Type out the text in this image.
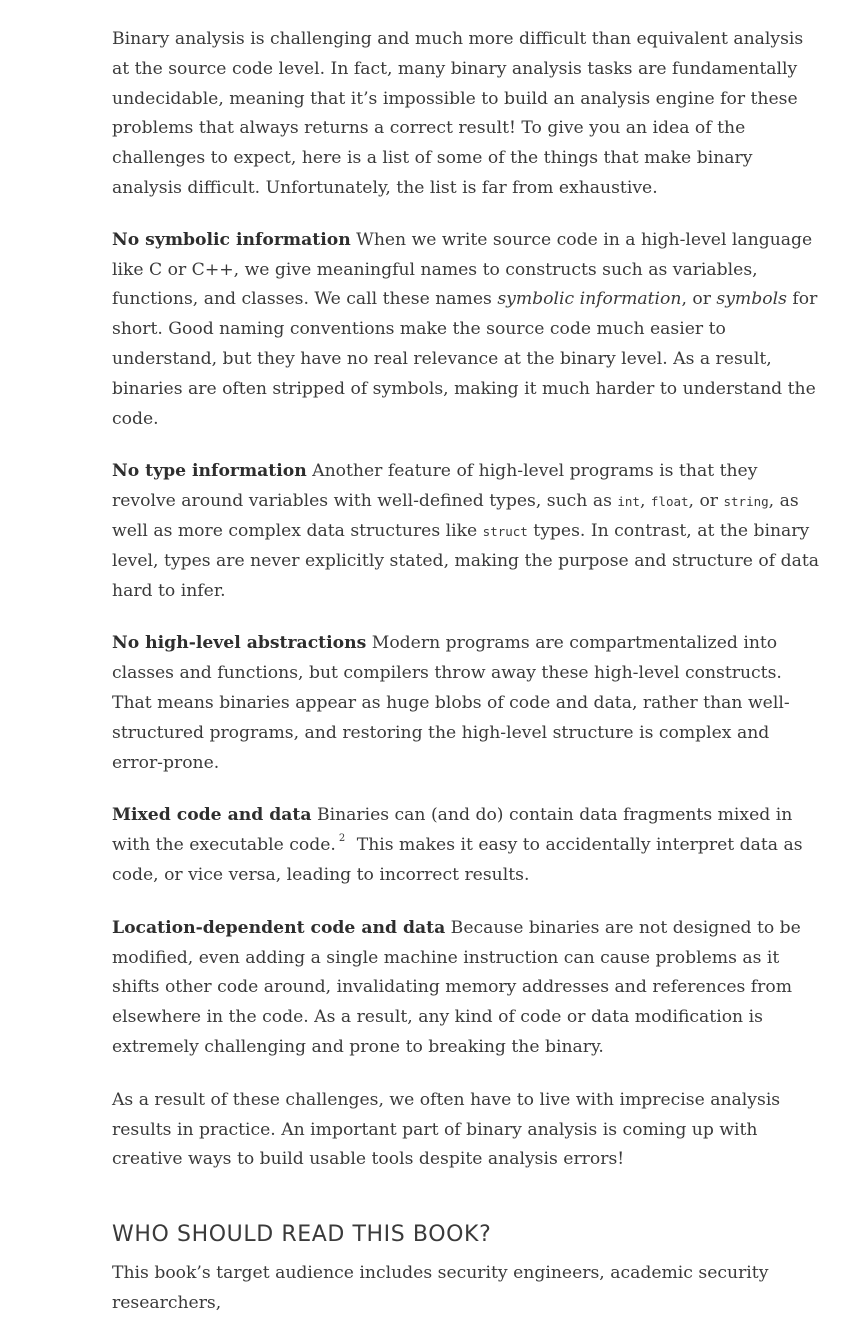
Binary analysis is challenging and much more difficult than equivalent analysis at the source code level. In fact, many binary analysis tasks are fundamentally undecidable, meaning that it’s impossible to build an analysis engine for these problems that always returns a correct result! To give you an idea of the challenges to expect, here is a list of some of the things that make binary analysis difficult. Unfortunately, the list is far from exhaustive.

No symbolic information When we write source code in a high-level language like C or C++, we give meaningful names to constructs such as variables, functions, and classes. We call these names symbolic information, or symbols for short. Good naming conventions make the source code much easier to understand, but they have no real relevance at the binary level. As a result, binaries are often stripped of symbols, making it much harder to understand the code.

No type information Another feature of high-level programs is that they revolve around variables with well-defined types, such as int, float, or string, as well as more complex data structures like struct types. In contrast, at the binary level, types are never explicitly stated, making the purpose and structure of data hard to infer.

No high-level abstractions Modern programs are compartmentalized into classes and functions, but compilers throw away these high-level constructs. That means binaries appear as huge blobs of code and data, rather than well-structured programs, and restoring the high-level structure is complex and error-prone.

Mixed code and data Binaries can (and do) contain data fragments mixed in with the executable code. $^2$ This makes it easy to accidentally interpret data as code, or vice versa, leading to incorrect results.

Location-dependent code and data Because binaries are not designed to be modified, even adding a single machine instruction can cause problems as it shifts other code around, invalidating memory addresses and references from elsewhere in the code. As a result, any kind of code or data modification is extremely challenging and prone to breaking the binary.

As a result of these challenges, we often have to live with imprecise analysis results in practice. An important part of binary analysis is coming up with creative ways to build usable tools despite analysis errors!

WHO SHOULD READ THIS BOOK?

This book’s target audience includes security engineers, academic security researchers,
